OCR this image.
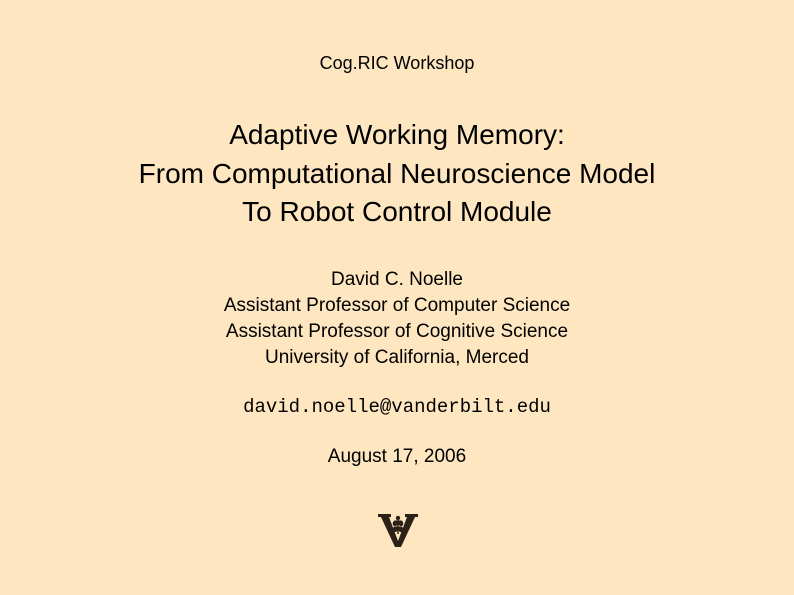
Cog.RIC Workshop
Adaptive Working Memory:
From Computational Neuroscience Model
To Robot Control Module
David C. Noelle
Assistant Professor of Computer Science
Assistant Professor of Cognitive Science
University of California, Merced
david.noelle@vanderbilt.edu
August 17, 2006
